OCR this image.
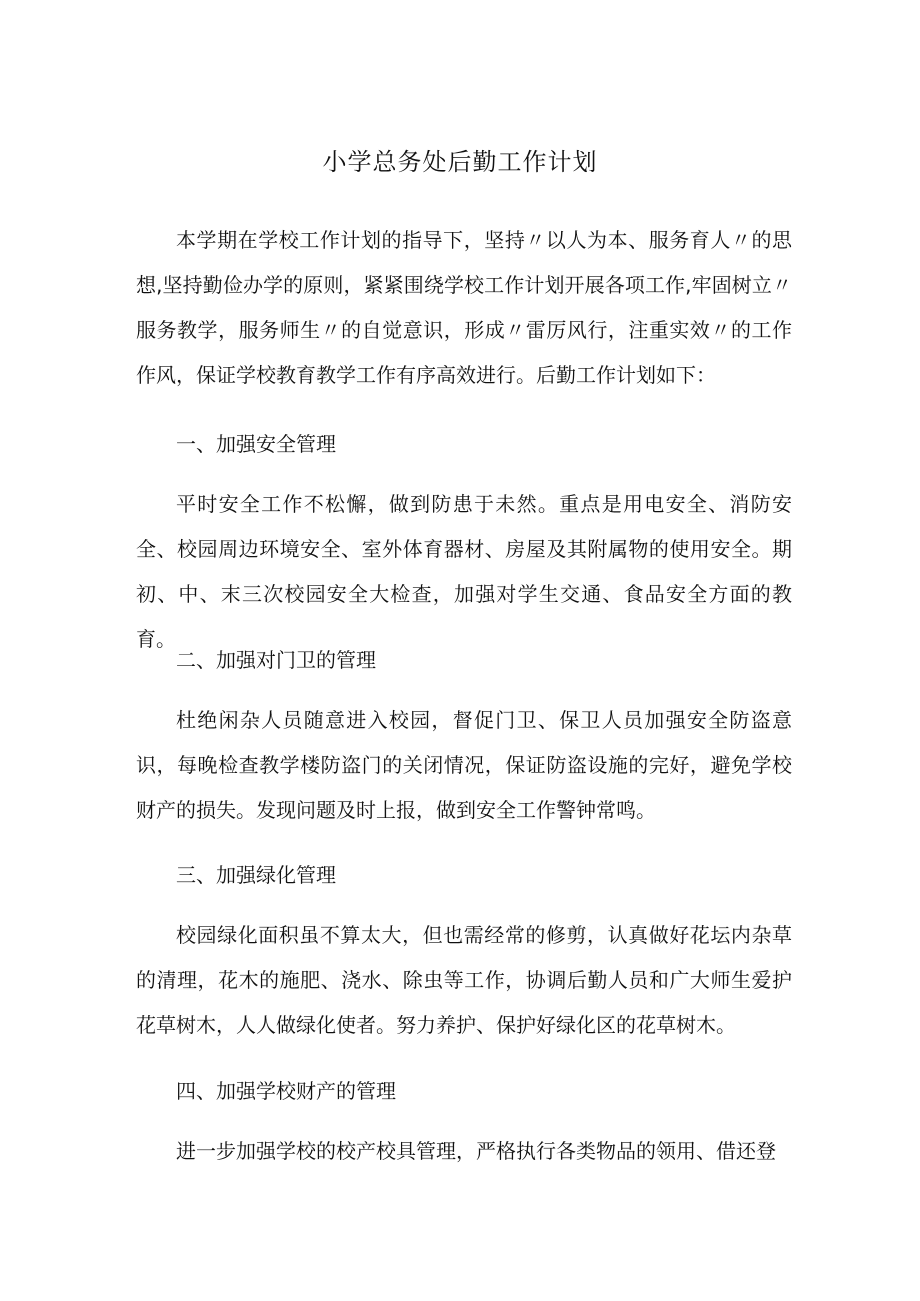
小学总务处后勤工作计划

本学期在学校工作计划的指导下，坚持〃以人为本、服务育人〃的思想,坚持勤俭办学的原则，紧紧围绕学校工作计划开展各项工作,牢固树立〃服务教学，服务师生〃的自觉意识，形成〃雷厉风行，注重实效〃的工作作风，保证学校教育教学工作有序高效进行。后勤工作计划如下：

一、加强安全管理

平时安全工作不松懈，做到防患于未然。重点是用电安全、消防安全、校园周边环境安全、室外体育器材、房屋及其附属物的使用安全。期初、中、末三次校园安全大检查，加强对学生交通、食品安全方面的教育。

二、加强对门卫的管理

杜绝闲杂人员随意进入校园，督促门卫、保卫人员加强安全防盗意识，每晚检查教学楼防盗门的关闭情况，保证防盗设施的完好，避免学校财产的损失。发现问题及时上报，做到安全工作警钟常鸣。

三、加强绿化管理

校园绿化面积虽不算太大，但也需经常的修剪，认真做好花坛内杂草的清理，花木的施肥、浇水、除虫等工作，协调后勤人员和广大师生爱护花草树木，人人做绿化使者。努力养护、保护好绿化区的花草树木。

四、加强学校财产的管理

进一步加强学校的校产校具管理，严格执行各类物品的领用、借还登
